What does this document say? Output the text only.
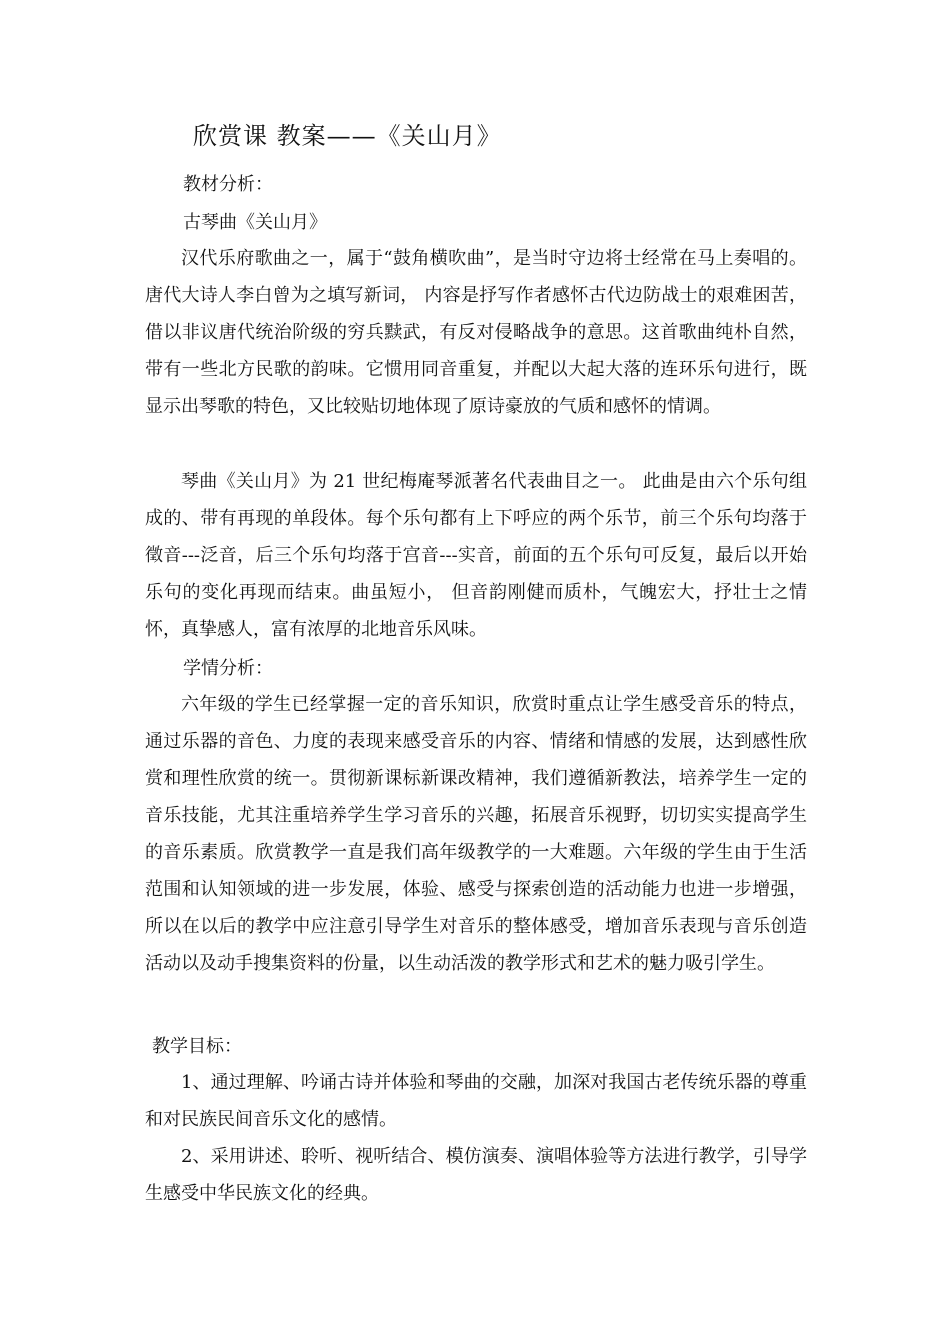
欣赏课 教案——《关山月》
教材分析：
古琴曲《关山月》
汉代乐府歌曲之一，属于“鼓角横吹曲”，是当时守边将士经常在马上奏唱的。 唐代大诗人李白曾为之填写新词， 内容是抒写作者感怀古代边防战士的艰难困苦，借以非议唐代统治阶级的穷兵黩武，有反对侵略战争的意思。这首歌曲纯朴自然，带有一些北方民歌的韵味。它惯用同音重复，并配以大起大落的连环乐句进行，既显示出琴歌的特色，又比较贴切地体现了原诗豪放的气质和感怀的情调。
琴曲《关山月》为 21 世纪梅庵琴派著名代表曲目之一。 此曲是由六个乐句组成的、带有再现的单段体。每个乐句都有上下呼应的两个乐节，前三个乐句均落于徵音---泛音，后三个乐句均落于宫音---实音，前面的五个乐句可反复，最后以开始乐句的变化再现而结束。曲虽短小， 但音韵刚健而质朴，气魄宏大，抒壮士之情怀，真挚感人，富有浓厚的北地音乐风味。
学情分析：
六年级的学生已经掌握一定的音乐知识，欣赏时重点让学生感受音乐的特点，通过乐器的音色、力度的表现来感受音乐的内容、情绪和情感的发展，达到感性欣赏和理性欣赏的统一。贯彻新课标新课改精神，我们遵循新教法，培养学生一定的音乐技能，尤其注重培养学生学习音乐的兴趣，拓展音乐视野，切切实实提高学生的音乐素质。欣赏教学一直是我们高年级教学的一大难题。六年级的学生由于生活范围和认知领域的进一步发展，体验、感受与探索创造的活动能力也进一步增强，所以在以后的教学中应注意引导学生对音乐的整体感受，增加音乐表现与音乐创造活动以及动手搜集资料的份量，以生动活泼的教学形式和艺术的魅力吸引学生。
教学目标：
1、通过理解、吟诵古诗并体验和琴曲的交融，加深对我国古老传统乐器的尊重和对民族民间音乐文化的感情。
2、采用讲述、聆听、视听结合、模仿演奏、演唱体验等方法进行教学，引导学生感受中华民族文化的经典。
